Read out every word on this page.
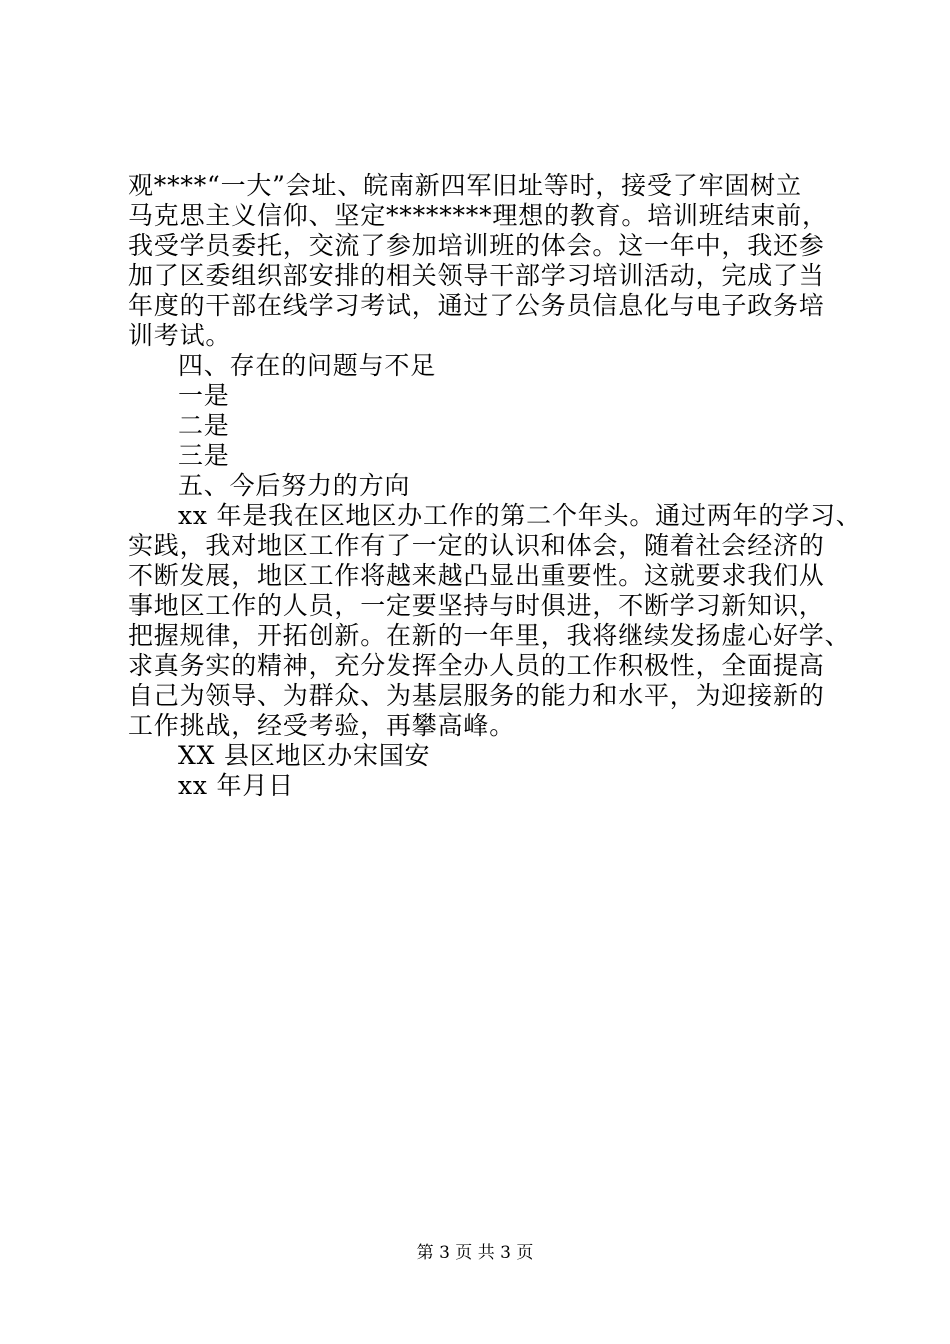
观****“一大”会址、皖南新四军旧址等时，接受了牢固树立
马克思主义信仰、坚定********理想的教育。培训班结束前，
我受学员委托，交流了参加培训班的体会。这一年中，我还参
加了区委组织部安排的相关领导干部学习培训活动，完成了当
年度的干部在线学习考试，通过了公务员信息化与电子政务培
训考试。
四、存在的问题与不足
一是
二是
三是
五、今后努力的方向
xx 年是我在区地区办工作的第二个年头。通过两年的学习、
实践，我对地区工作有了一定的认识和体会，随着社会经济的
不断发展，地区工作将越来越凸显出重要性。这就要求我们从
事地区工作的人员，一定要坚持与时俱进，不断学习新知识，
把握规律，开拓创新。在新的一年里，我将继续发扬虚心好学、
求真务实的精神，充分发挥全办人员的工作积极性，全面提高
自己为领导、为群众、为基层服务的能力和水平，为迎接新的
工作挑战，经受考验，再攀高峰。
XX 县区地区办宋国安
xx 年月日
第 3 页 共 3 页
